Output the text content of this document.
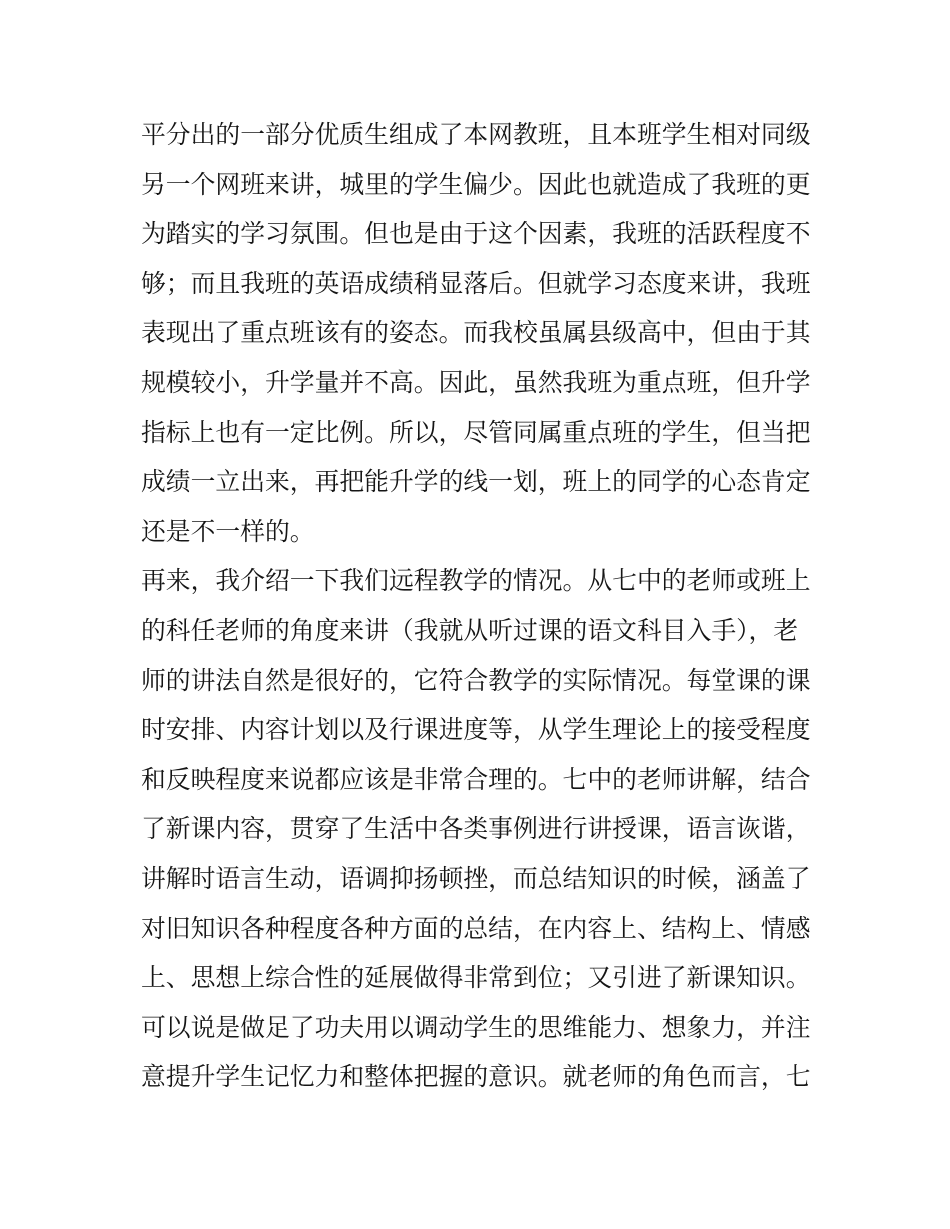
平分出的一部分优质生组成了本网教班，且本班学生相对同级
另一个网班来讲，城里的学生偏少。因此也就造成了我班的更
为踏实的学习氛围。但也是由于这个因素，我班的活跃程度不
够；而且我班的英语成绩稍显落后。但就学习态度来讲，我班
表现出了重点班该有的姿态。而我校虽属县级高中，但由于其
规模较小，升学量并不高。因此，虽然我班为重点班，但升学
指标上也有一定比例。所以，尽管同属重点班的学生，但当把
成绩一立出来，再把能升学的线一划，班上的同学的心态肯定
还是不一样的。
再来，我介绍一下我们远程教学的情况。从七中的老师或班上
的科任老师的角度来讲（我就从听过课的语文科目入手），老
师的讲法自然是很好的，它符合教学的实际情况。每堂课的课
时安排、内容计划以及行课进度等，从学生理论上的接受程度
和反映程度来说都应该是非常合理的。七中的老师讲解，结合
了新课内容，贯穿了生活中各类事例进行讲授课，语言诙谐，
讲解时语言生动，语调抑扬顿挫，而总结知识的时候，涵盖了
对旧知识各种程度各种方面的总结，在内容上、结构上、情感
上、思想上综合性的延展做得非常到位；又引进了新课知识。
可以说是做足了功夫用以调动学生的思维能力、想象力，并注
意提升学生记忆力和整体把握的意识。就老师的角色而言，七
